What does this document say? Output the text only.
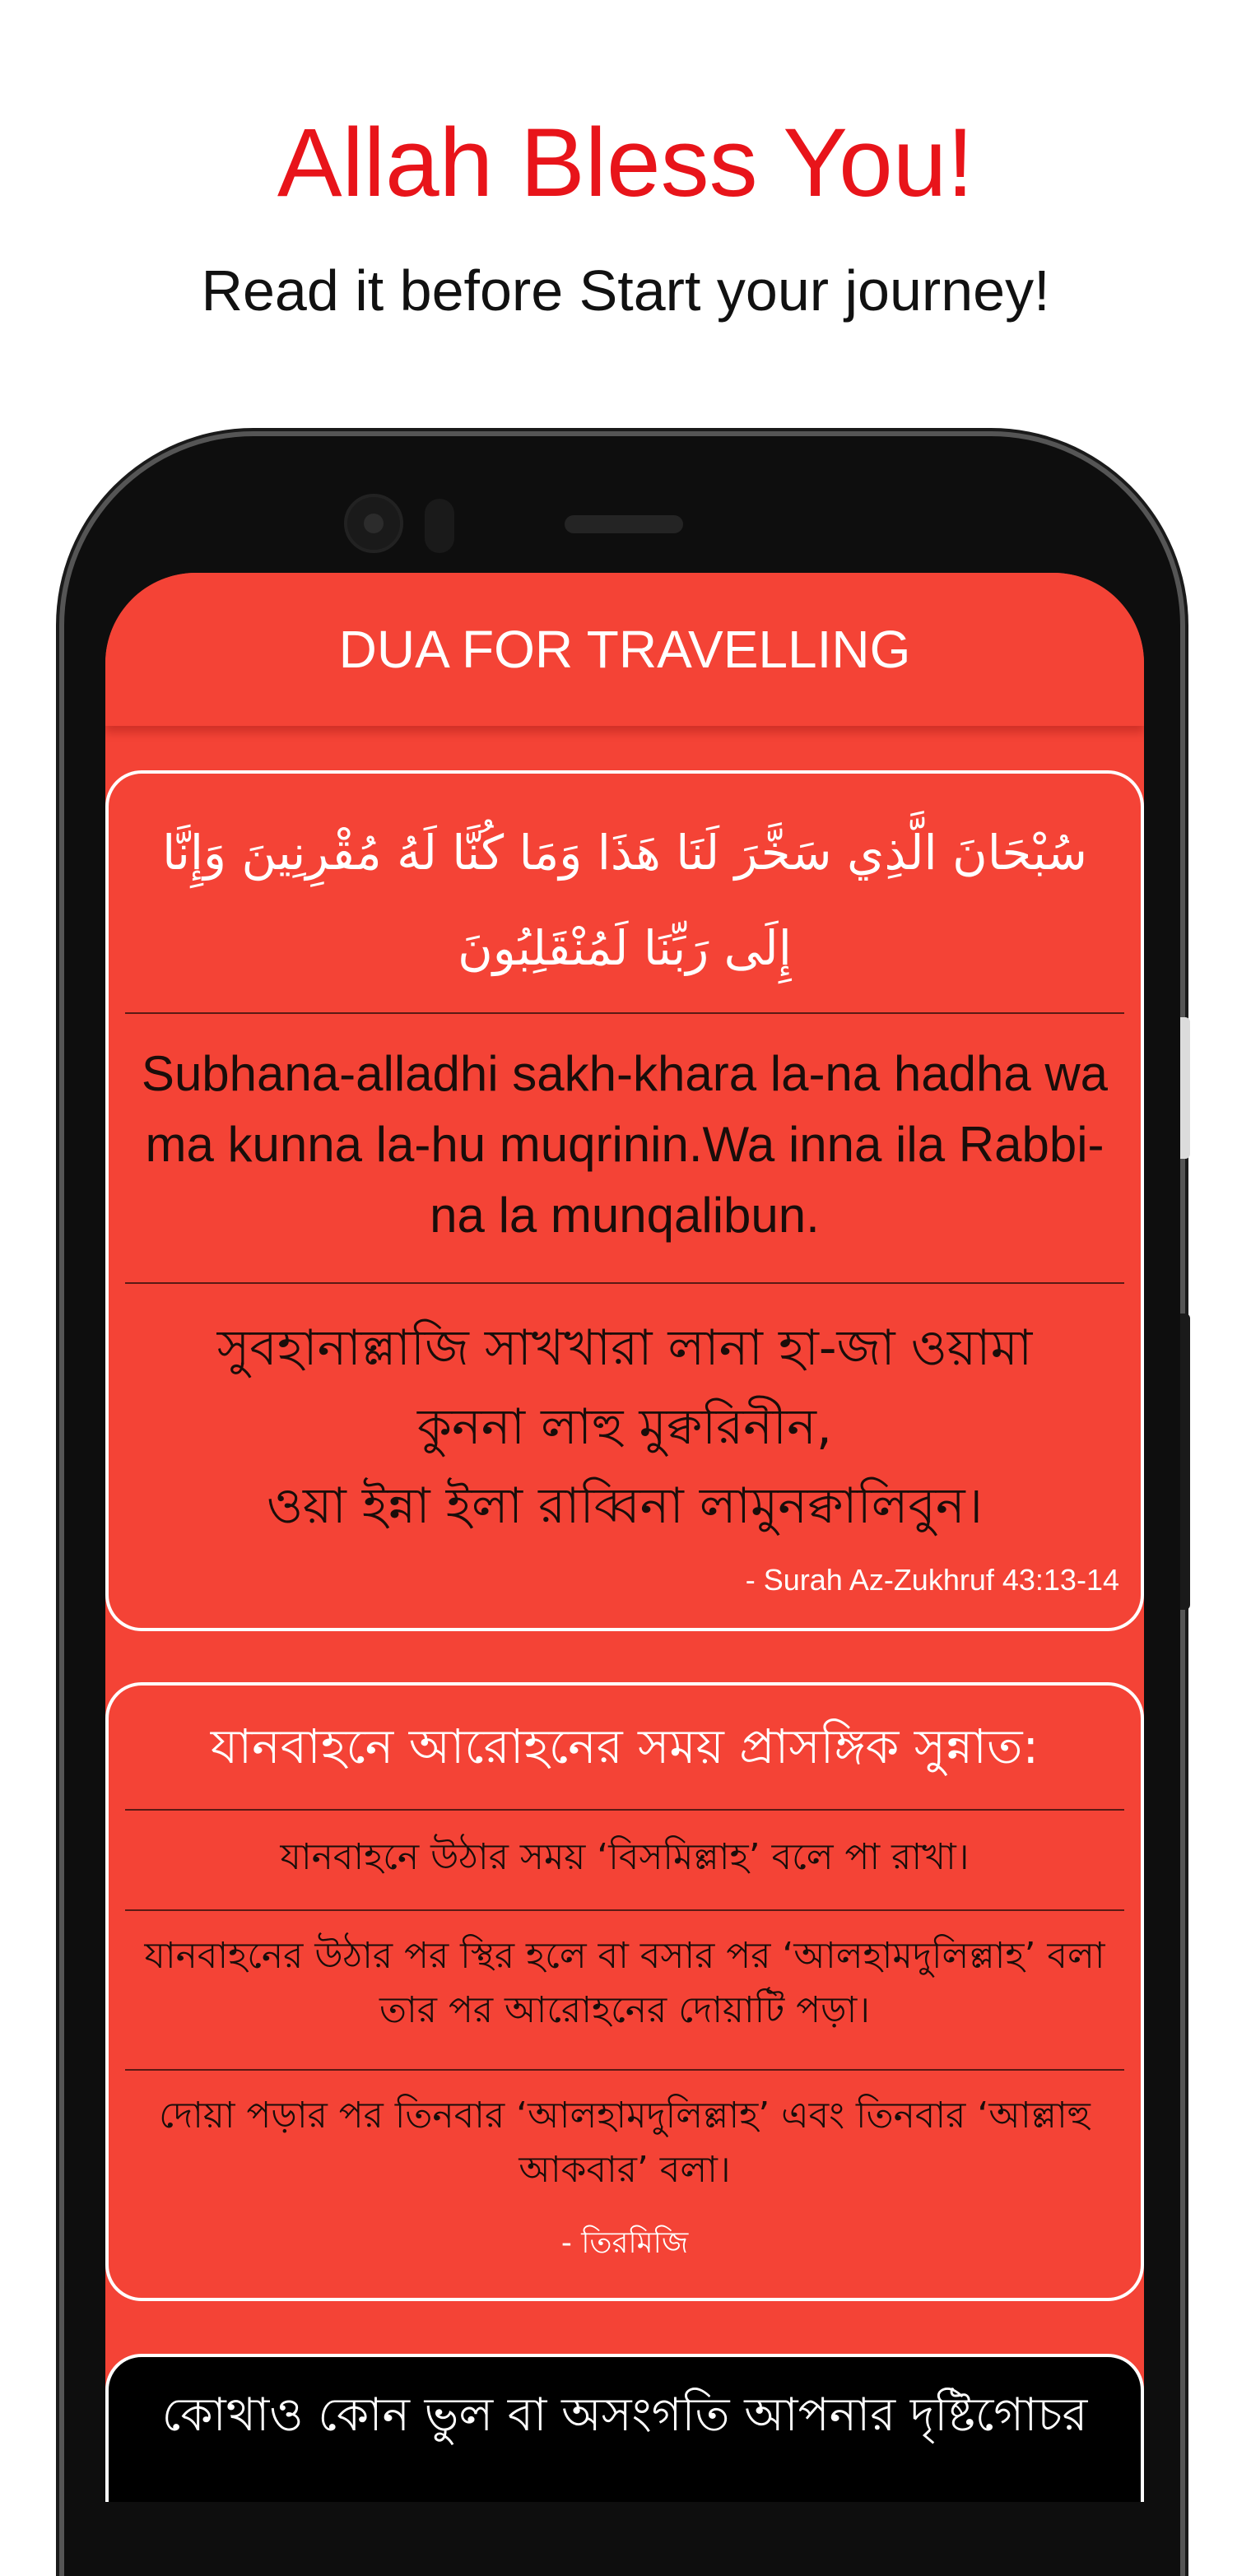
Allah Bless You!
Read it before Start your journey!
DUA FOR TRAVELLING
سُبْحَانَ الَّذِي سَخَّرَ لَنَا هَذَا وَمَا كُنَّا لَهُ مُقْرِنِينَ وَإِنَّا إِلَى رَبِّنَا لَمُنْقَلِبُونَ
Subhana-alladhi sakh-khara la-na hadha wa ma kunna la-hu muqrinin.Wa inna ila Rabbi-na la munqalibun.
সুবহানাল্লাজি সাখখারা লানা হা-জা ওয়ামা
কুননা লাহু মুক্বরিনীন,
ওয়া ইন্না ইলা রাব্বিনা লামুনক্বালিবুন।
- Surah Az-Zukhruf 43:13-14
যানবাহনে আরোহনের সময় প্রাসঙ্গিক সুন্নাত:
যানবাহনে উঠার সময় ‘বিসমিল্লাহ’ বলে পা রাখা।
যানবাহনের উঠার পর স্থির হলে বা বসার পর ‘আলহামদুলিল্লাহ’ বলা তার পর আরোহনের দোয়াটি পড়া।
দোয়া পড়ার পর তিনবার ‘আলহামদুলিল্লাহ’ এবং তিনবার ‘আল্লাহু আকবার’ বলা।
- তিরমিজি
কোথাও কোন ভুল বা অসংগতি আপনার দৃষ্টিগোচর
